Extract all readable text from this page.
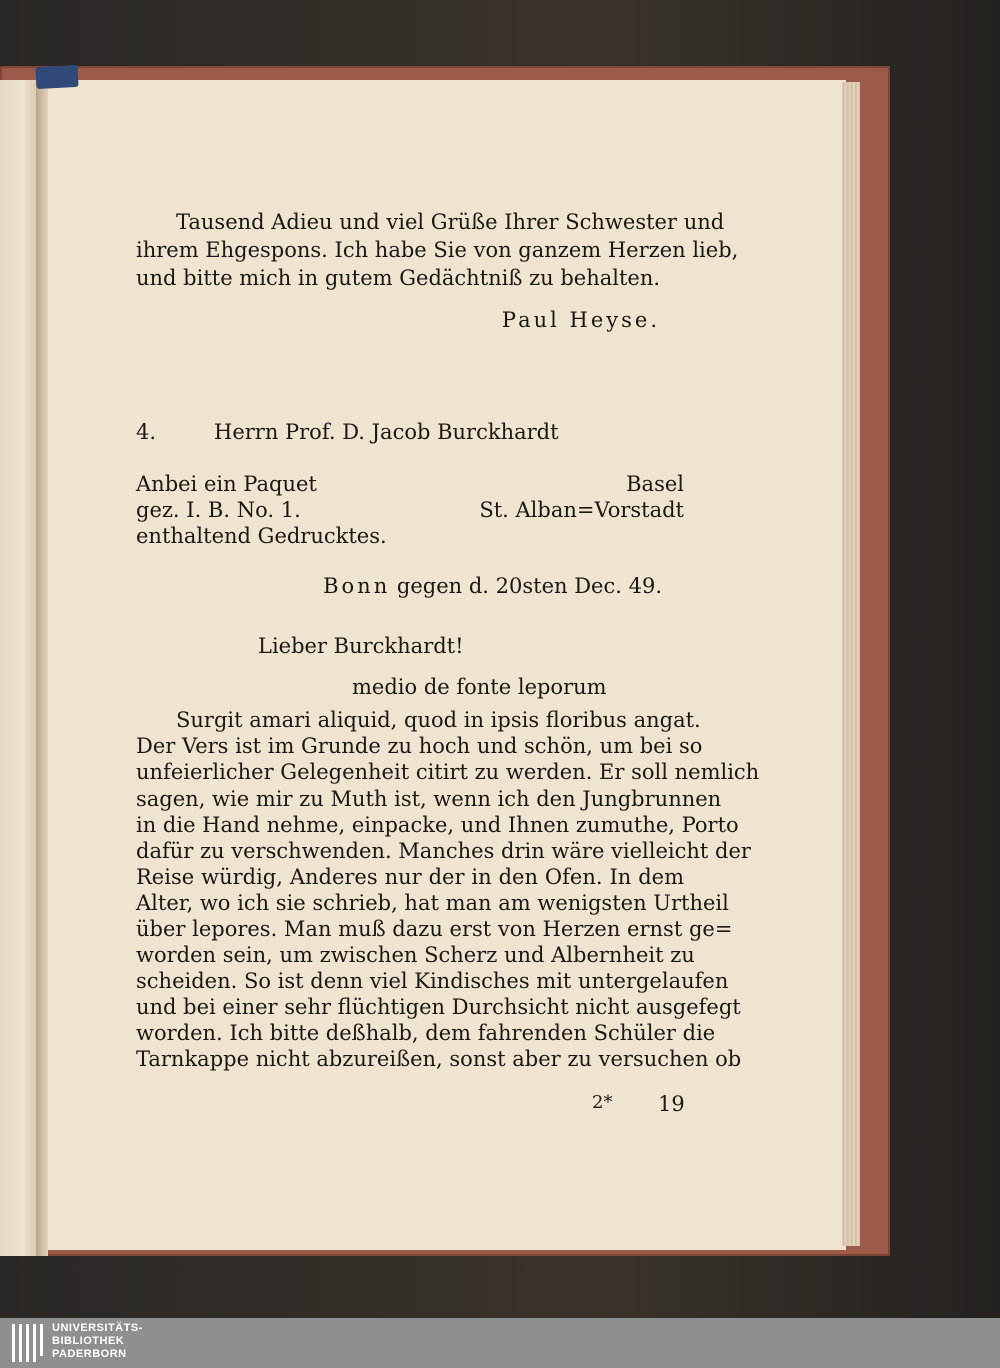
Tausend Adieu und viel Grüße Ihrer Schwester und
ihrem Ehgespons. Ich habe Sie von ganzem Herzen lieb,
und bitte mich in gutem Gedächtniß zu behalten.
Paul Heyse.
4.	Herrn Prof. D. Jacob Burckhardt
Anbei ein Paquet
gez. I. B. No. 1.
enthaltend Gedrucktes.
Basel
St. Alban=Vorstadt
Bonn gegen d. 20sten Dec. 49.
Lieber Burckhardt!
medio de fonte leporum
Surgit amari aliquid, quod in ipsis floribus angat.
Der Vers ist im Grunde zu hoch und schön, um bei so
unfeierlicher Gelegenheit citirt zu werden. Er soll nemlich
sagen, wie mir zu Muth ist, wenn ich den Jungbrunnen
in die Hand nehme, einpacke, und Ihnen zumuthe, Porto
dafür zu verschwenden. Manches drin wäre vielleicht der
Reise würdig, Anderes nur der in den Ofen. In dem
Alter, wo ich sie schrieb, hat man am wenigsten Urtheil
über lepores. Man muß dazu erst von Herzen ernst ge=
worden sein, um zwischen Scherz und Albernheit zu
scheiden. So ist denn viel Kindisches mit untergelaufen
und bei einer sehr flüchtigen Durchsicht nicht ausgefegt
worden. Ich bitte deßhalb, dem fahrenden Schüler die
Tarnkappe nicht abzureißen, sonst aber zu versuchen ob
2* 19
UNIVERSITÄTS-
BIBLIOTHEK
PADERBORN
